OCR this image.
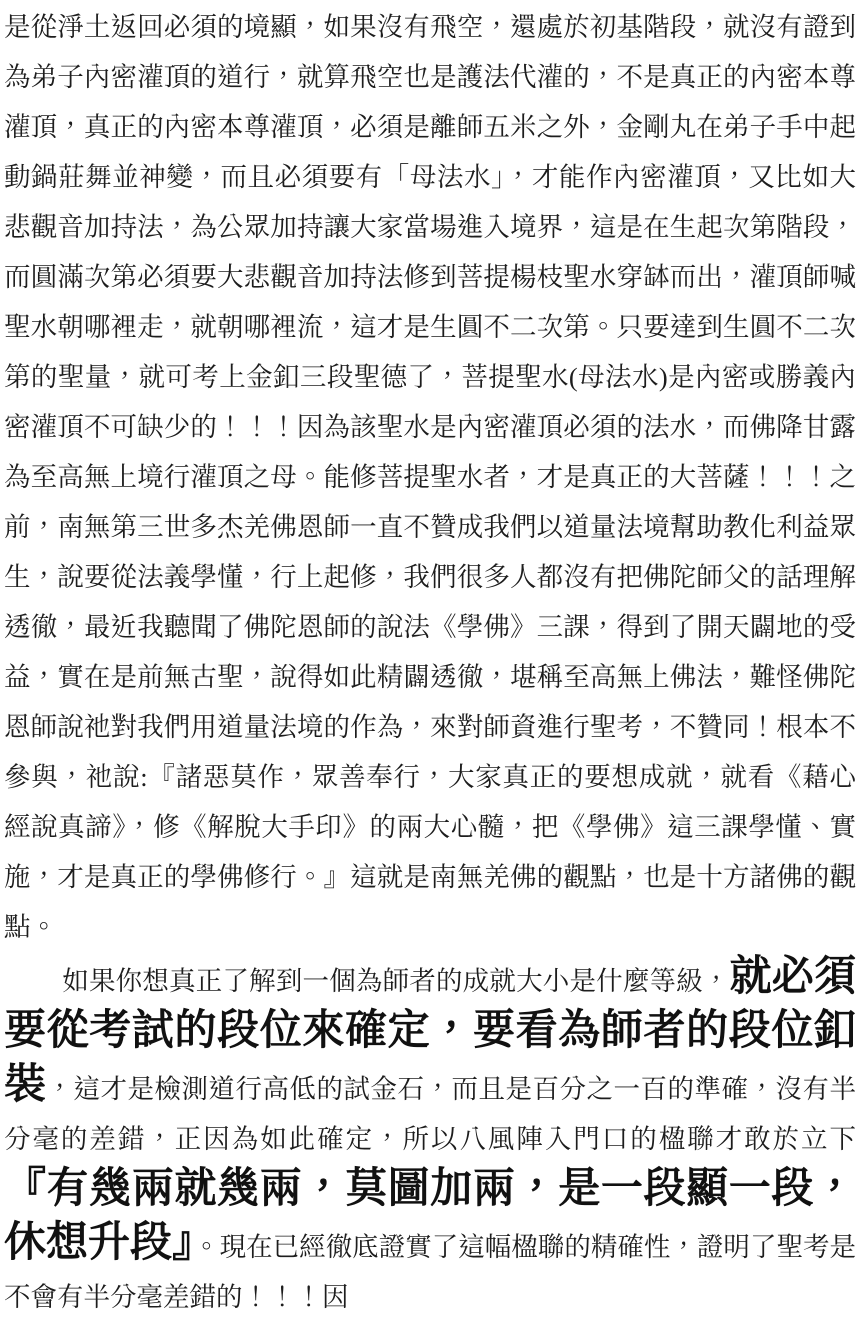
是從淨土返回必須的境顯，如果沒有飛空，還處於初基階段，就沒有證到為弟子內密灌頂的道行，就算飛空也是護法代灌的，不是真正的內密本尊灌頂，真正的內密本尊灌頂，必須是離師五米之外，金剛丸在弟子手中起動鍋莊舞並神變，而且必須要有「母法水」，才能作內密灌頂，又比如大悲觀音加持法，為公眾加持讓大家當場進入境界，這是在生起次第階段，而圓滿次第必須要大悲觀音加持法修到菩提楊枝聖水穿缽而出，灌頂師喊聖水朝哪裡走，就朝哪裡流，這才是生圓不二次第。只要達到生圓不二次第的聖量，就可考上金釦三段聖德了，菩提聖水(母法水)是內密或勝義內密灌頂不可缺少的！！！因為該聖水是內密灌頂必須的法水，而佛降甘露為至高無上境行灌頂之母。能修菩提聖水者，才是真正的大菩薩！！！之前，南無第三世多杰羌佛恩師一直不贊成我們以道量法境幫助教化利益眾生，說要從法義學懂，行上起修，我們很多人都沒有把佛陀師父的話理解透徹，最近我聽聞了佛陀恩師的說法《學佛》三課，得到了開天闢地的受益，實在是前無古聖，說得如此精闢透徹，堪稱至高無上佛法，難怪佛陀恩師說祂對我們用道量法境的作為，來對師資進行聖考，不贊同！根本不參與，祂說:『諸惡莫作，眾善奉行，大家真正的要想成就，就看《藉心經說真諦》，修《解脫大手印》的兩大心髓，把《學佛》這三課學懂、實施，才是真正的學佛修行。』這就是南無羌佛的觀點，也是十方諸佛的觀點。

如果你想真正了解到一個為師者的成就大小是什麼等級，就必須要從考試的段位來確定，要看為師者的段位釦裝，這才是檢測道行高低的試金石，而且是百分之一百的準確，沒有半分毫的差錯，正因為如此確定，所以八風陣入門口的楹聯才敢於立下『有幾兩就幾兩，莫圖加兩，是一段顯一段，休想升段』。現在已經徹底證實了這幅楹聯的精確性，證明了聖考是不會有半分毫差錯的！！！因
